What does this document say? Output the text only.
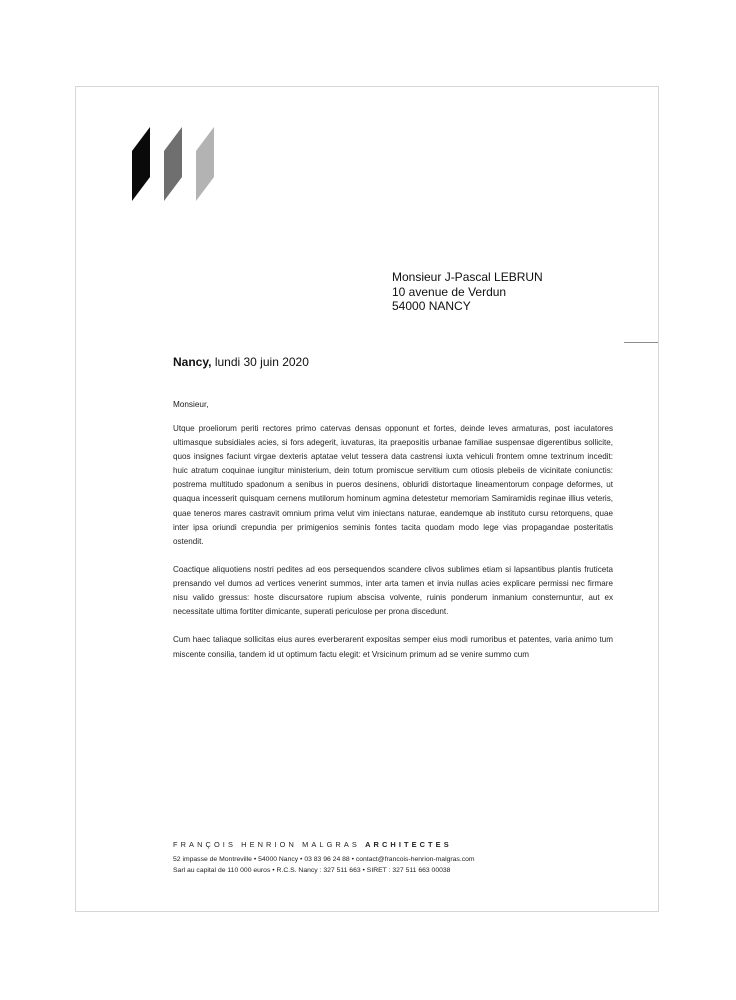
Monsieur J-Pascal LEBRUN
10 avenue de Verdun
54000 NANCY
Nancy, lundi 30 juin 2020
Monsieur,

Utque proeliorum periti rectores primo catervas densas opponunt et fortes, deinde leves armaturas, post iaculatores ultimasque subsidiales acies, si fors adegerit, iuvaturas, ita praepositis urbanae familiae suspensae digerentibus sollicite, quos insignes faciunt virgae dexteris aptatae velut tessera data castrensi iuxta vehiculi frontem omne textrinum incedit: huic atratum coquinae iungitur ministerium, dein totum promiscue servitium cum otiosis plebeiis de vicinitate coniunctis: postrema multitudo spadonum a senibus in pueros desinens, obluridi distortaque lineamentorum conpage deformes, ut quaqua incesserit quisquam cernens mutilorum hominum agmina detestetur memoriam Samiramidis reginae illius veteris, quae teneros mares castravit omnium prima velut vim iniectans naturae, eandemque ab instituto cursu retorquens, quae inter ipsa oriundi crepundia per primigenios seminis fontes tacita quodam modo lege vias propagandae posteritatis ostendit.

Coactique aliquotiens nostri pedites ad eos persequendos scandere clivos sublimes etiam si lapsantibus plantis fruticeta prensando vel dumos ad vertices venerint summos, inter arta tamen et invia nullas acies explicare permissi nec firmare nisu valido gressus: hoste discursatore rupium abscisa volvente, ruinis ponderum inmanium consternuntur, aut ex necessitate ultima fortiter dimicante, superati periculose per prona discedunt.

Cum haec taliaque sollicitas eius aures everberarent expositas semper eius modi rumoribus et patentes, varia animo tum miscente consilia, tandem id ut optimum factu elegit: et Vrsicinum primum ad se venire summo cum

FRANÇOIS HENRION MALGRAS ARCHITECTES
52 impasse de Montreville • 54000 Nancy • 03 83 96 24 88 • contact@francois-henrion-malgras.com
Sarl au capital de 110 000 euros • R.C.S. Nancy : 327 511 663 • SIRET : 327 511 663 00038
